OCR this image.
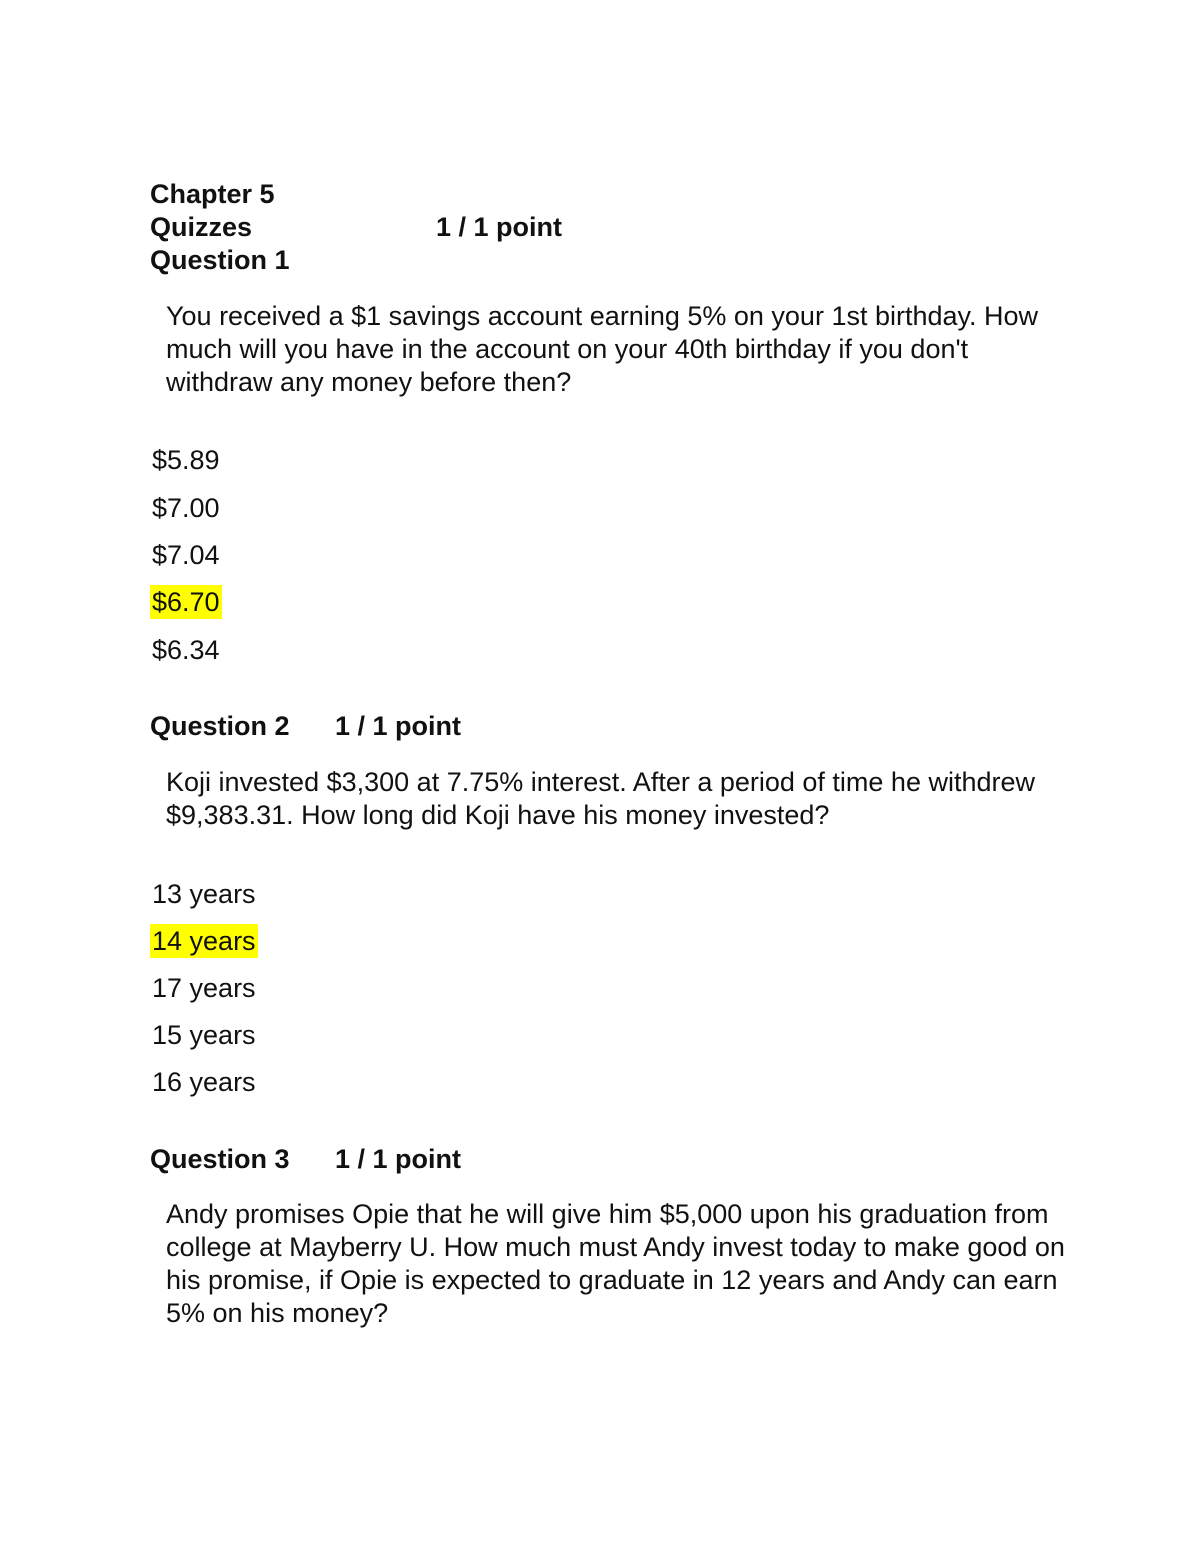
Chapter 5
Quizzes	1 / 1 point
Question 1
You received a $1 savings account earning 5% on your 1st birthday. How much will you have in the account on your 40th birthday if you don't withdraw any money before then?
$5.89
$7.00
$7.04
$6.70
$6.34
Question 2 1 / 1 point
Koji invested $3,300 at 7.75% interest. After a period of time he withdrew $9,383.31. How long did Koji have his money invested?
13 years
14 years
17 years
15 years
16 years
Question 3 1 / 1 point
Andy promises Opie that he will give him $5,000 upon his graduation from college at Mayberry U. How much must Andy invest today to make good on his promise, if Opie is expected to graduate in 12 years and Andy can earn 5% on his money?
